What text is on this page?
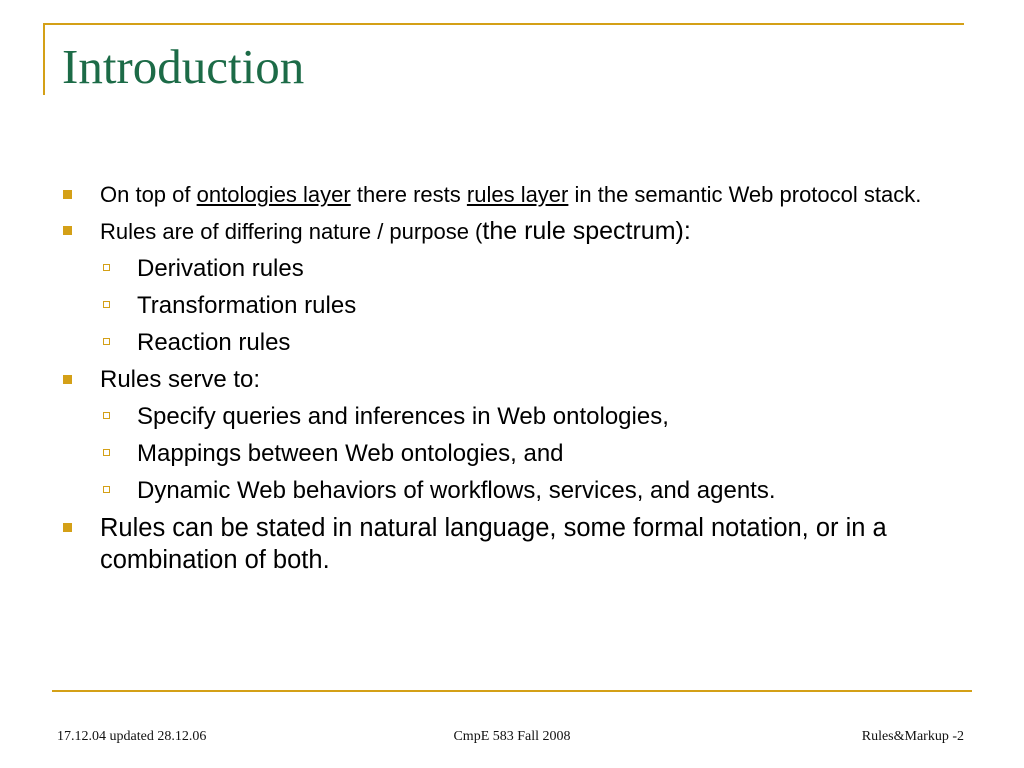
Introduction
On top of ontologies layer there rests rules layer in the semantic Web protocol stack.
Rules are of differing nature / purpose (the rule spectrum):
Derivation rules
Transformation rules
Reaction rules
Rules serve to:
Specify queries and inferences in Web ontologies,
Mappings between Web ontologies, and
Dynamic Web behaviors of workflows, services, and agents.
Rules can be stated in natural language, some formal notation, or in a combination of both.
17.12.04 updated 28.12.06	CmpE 583 Fall 2008	Rules&Markup -2
